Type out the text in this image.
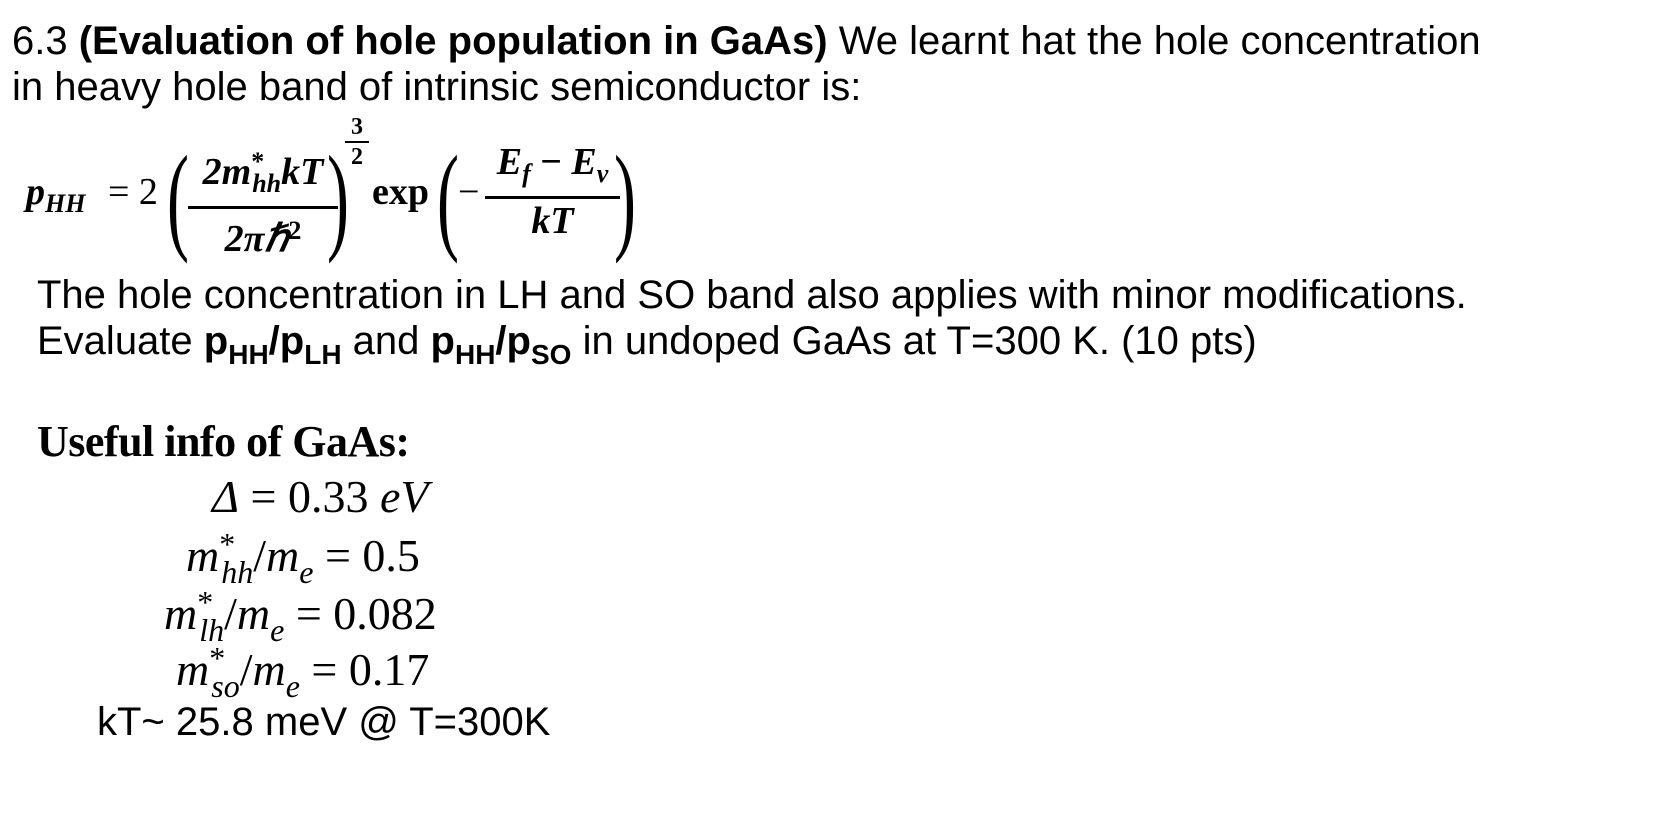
6.3 (Evaluation of hole population in GaAs) We learnt hat the hole concentration
in heavy hole band of intrinsic semiconductor is:
$p_{HH} = 2$ ( $2m^*_{hh}kT$
2πℏ$^2$ )
3
2
exp ( −
$E_f - E_v$
kT )
The hole concentration in LH and SO band also applies with minor modifications.
Evaluate $p_{HH}/p_{LH}$ and $p_{HH}/p_{SO}$ in undoped GaAs at T=300 K. (10 pts)
Useful info of GaAs:
Δ = 0.33 eV
$m^*_{hh}/m_e = 0.5$
$m^*_{lh}/m_e = 0.082$
$m^*_{so}/m_e = 0.17$
kT~ 25.8 meV @ T=300K
